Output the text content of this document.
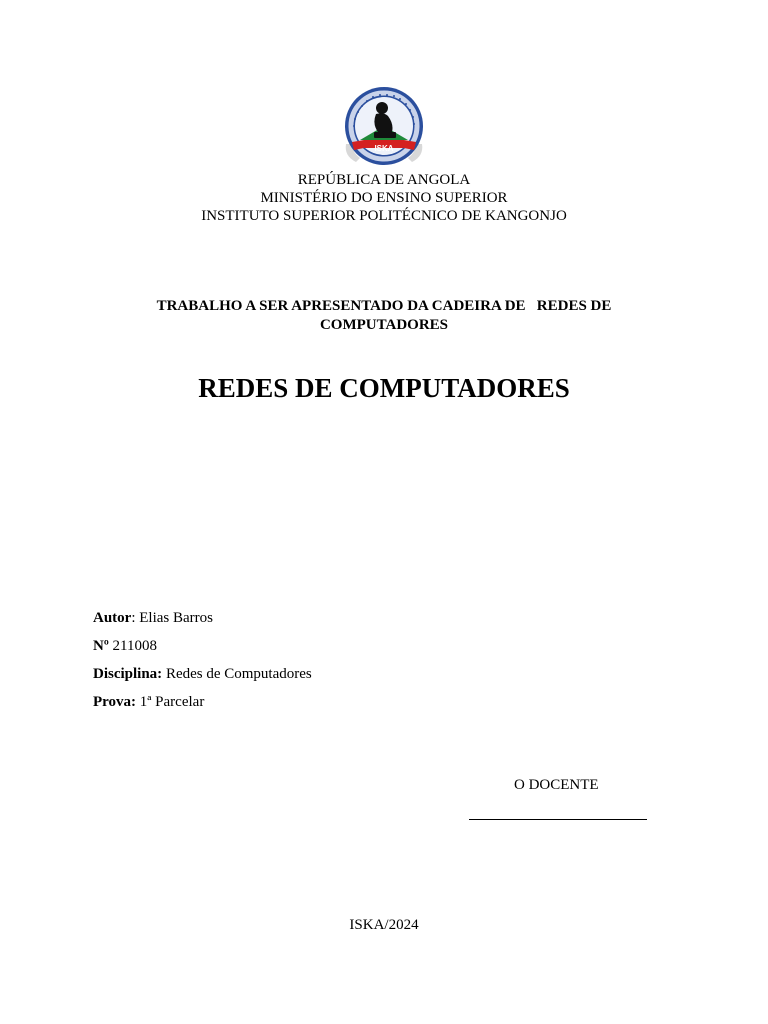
ISKA
REPÚBLICA DE ANGOLA
MINISTÉRIO DO ENSINO SUPERIOR
INSTITUTO SUPERIOR POLITÉCNICO DE KANGONJO
TRABALHO A SER APRESENTADO DA CADEIRA DE   REDES DE COMPUTADORES
REDES DE COMPUTADORES
Autor: Elias Barros
Nº 211008
Disciplina: Redes de Computadores
Prova: 1ª Parcelar
O DOCENTE
ISKA/2024
